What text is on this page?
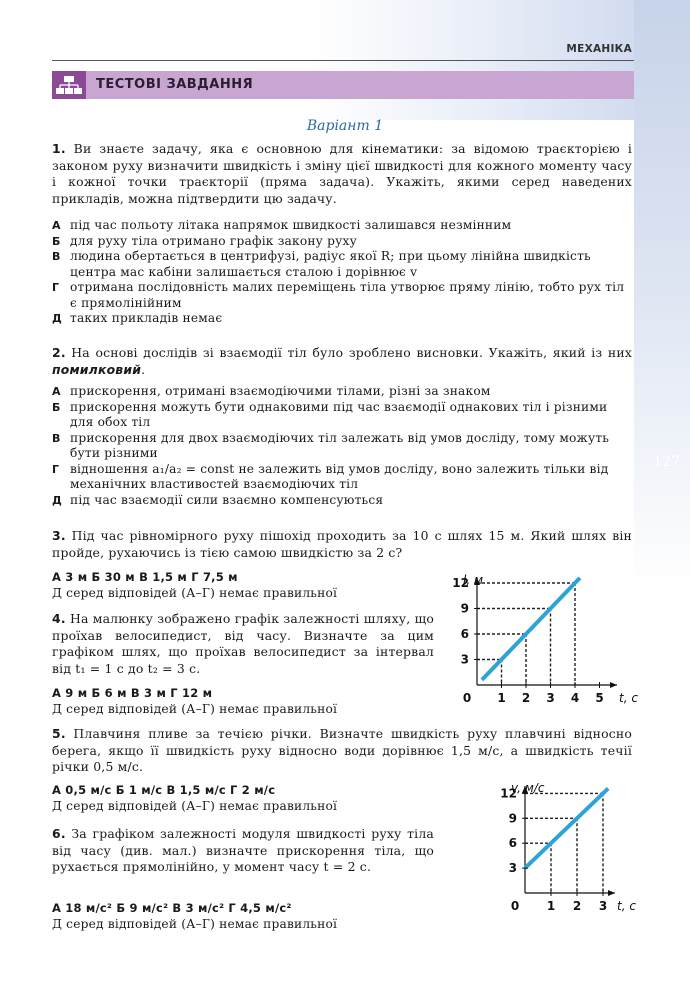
МЕХАНІКА
ТЕСТОВІ ЗАВДАННЯ
Варіант 1
127
1. Ви знаєте задачу, яка є основною для кінематики: за відомою траєкторією і законом руху визначити швидкість і зміну цієї швидкості для кожного моменту часу і кожної точки траєкторії (пряма задача). Укажіть, якими серед наведених прикладів, можна підтвердити цю задачу.
А під час польоту літака напрямок швидкості залишався незмінним
Б для руху тіла отримано графік закону руху
В людина обертається в центрифузі, радіус якої R; при цьому лінійна швидкість центра мас кабіни залишається сталою і дорівнює v
Г отримана послідовність малих переміщень тіла утворює пряму лінію, тобто рух тіл є прямолінійним
Д таких прикладів немає
2. На основі дослідів зі взаємодії тіл було зроблено висновки. Укажіть, який із них помилковий.
А прискорення, отримані взаємодіючими тілами, різні за знаком
Б прискорення можуть бути однаковими під час взаємодії однакових тіл і різними для обох тіл
В прискорення для двох взаємодіючих тіл залежать від умов досліду, тому можуть бути різними
Г відношення a₁/a₂ = const не залежить від умов досліду, воно залежить тільки від механічних властивостей взаємодіючих тіл
Д під час взаємодії сили взаємно компенсуються
3. Під час рівномірного руху пішохід проходить за 10 с шлях 15 м. Який шлях він пройде, рухаючись із тією самою швидкістю за 2 с?
А 3 м Б 30 м В 1,5 м Г 7,5 м
Д серед відповідей (А–Г) немає правильної
4. На малюнку зображено графік залежності шляху, що проїхав велосипедист, від часу. Визначте за цим графіком шлях, що проїхав велосипедист за інтервал від t₁ = 1 с до t₂ = 3 с.
А 9 м Б 6 м В 3 м Г 12 м
Д серед відповідей (А–Г) немає правильної
5. Плавчиня пливе за течією річки. Визначте швидкість руху плавчині відносно берега, якщо її швидкість руху відносно води дорівнює 1,5 м/с, а швидкість течії річки 0,5 м/с.
А 0,5 м/с Б 1 м/с В 1,5 м/с Г 2 м/с
Д серед відповідей (А–Г) немає правильної
6. За графіком залежності модуля швидкості руху тіла від часу (див. мал.) визначте прискорення тіла, що рухається прямолінійно, у момент часу t = 2 с.
А 18 м/с² Б 9 м/с² В 3 м/с² Г 4,5 м/с²
Д серед відповідей (А–Г) немає правильної
0 1 2 3 4 5
3
6
9
12
t, с
l, м
0 1 2 3
3
6
9
12
t, с
v, м/с
